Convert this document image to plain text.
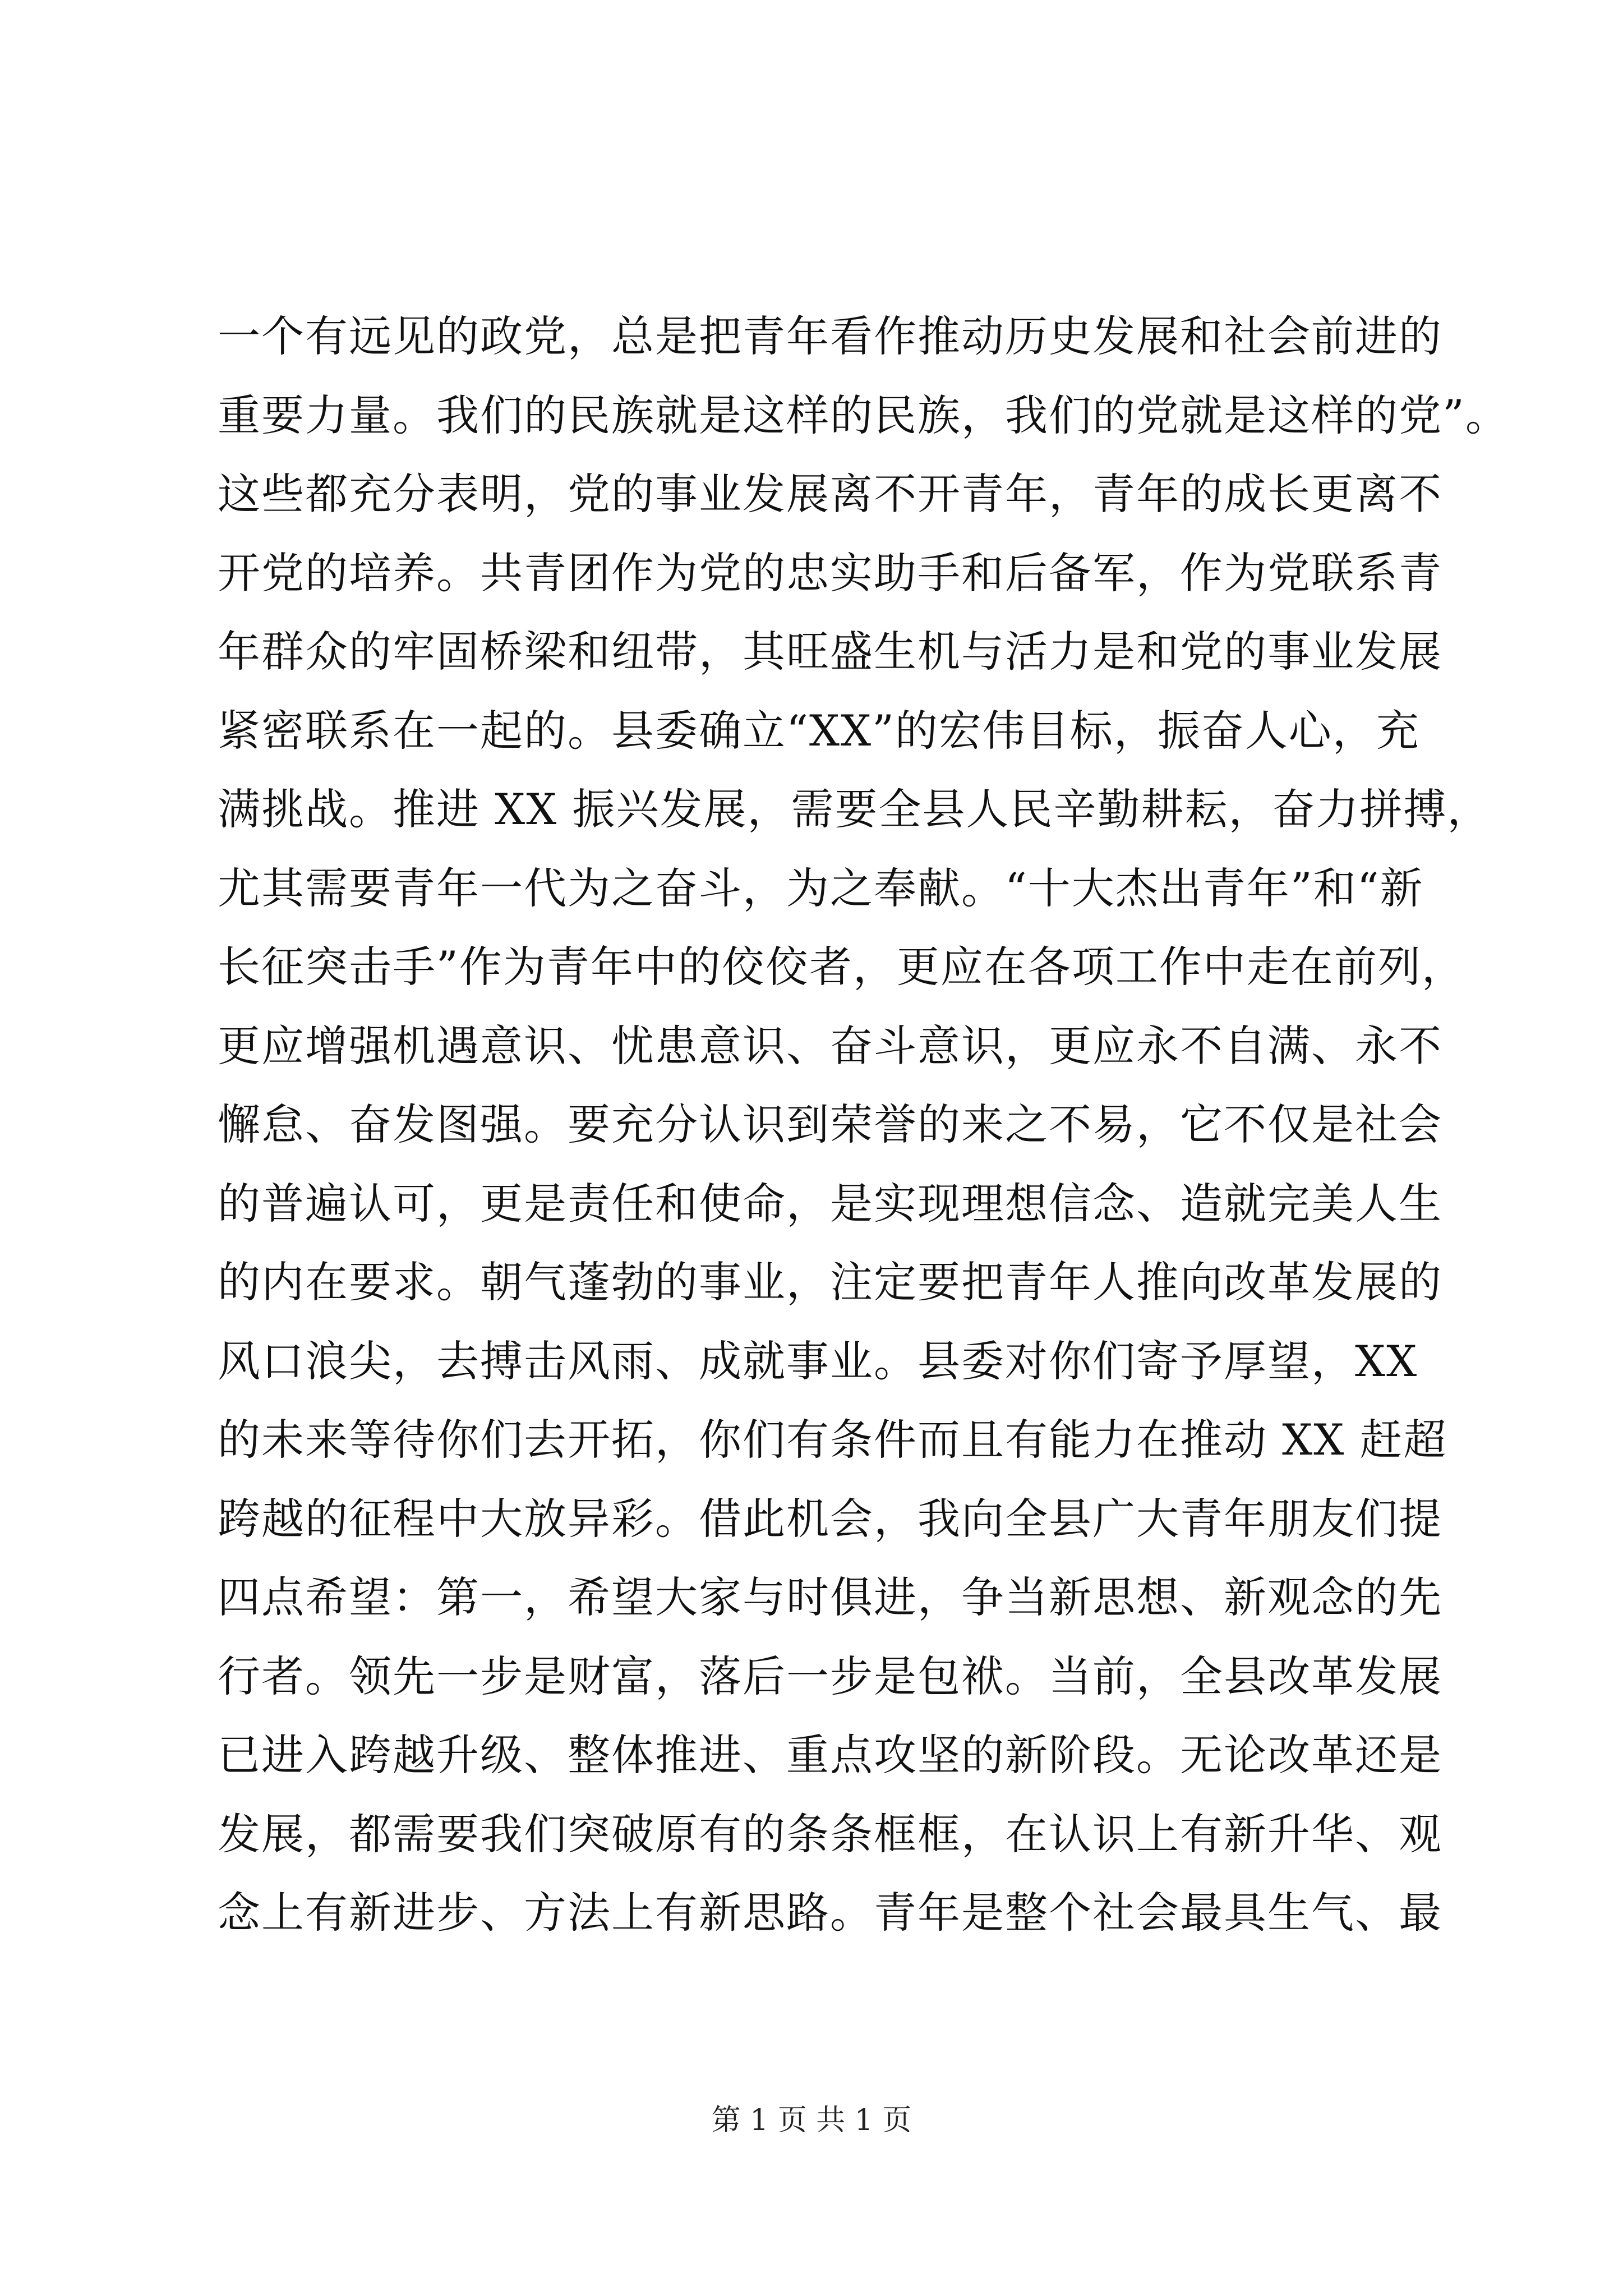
一个有远见的政党，总是把青年看作推动历史发展和社会前进的
重要力量。我们的民族就是这样的民族，我们的党就是这样的党”。
这些都充分表明，党的事业发展离不开青年，青年的成长更离不
开党的培养。共青团作为党的忠实助手和后备军，作为党联系青
年群众的牢固桥梁和纽带，其旺盛生机与活力是和党的事业发展
紧密联系在一起的。县委确立“XX”的宏伟目标，振奋人心，充
满挑战。推进 XX 振兴发展，需要全县人民辛勤耕耘，奋力拼搏，
尤其需要青年一代为之奋斗，为之奉献。“十大杰出青年”和“新
长征突击手”作为青年中的佼佼者，更应在各项工作中走在前列，
更应增强机遇意识、忧患意识、奋斗意识，更应永不自满、永不
懈怠、奋发图强。要充分认识到荣誉的来之不易，它不仅是社会
的普遍认可，更是责任和使命，是实现理想信念、造就完美人生
的内在要求。朝气蓬勃的事业，注定要把青年人推向改革发展的
风口浪尖，去搏击风雨、成就事业。县委对你们寄予厚望，XX
的未来等待你们去开拓，你们有条件而且有能力在推动 XX 赶超
跨越的征程中大放异彩。借此机会，我向全县广大青年朋友们提
四点希望：第一，希望大家与时俱进，争当新思想、新观念的先
行者。领先一步是财富，落后一步是包袱。当前，全县改革发展
已进入跨越升级、整体推进、重点攻坚的新阶段。无论改革还是
发展，都需要我们突破原有的条条框框，在认识上有新升华、观
念上有新进步、方法上有新思路。青年是整个社会最具生气、最
第 1 页 共 1 页
